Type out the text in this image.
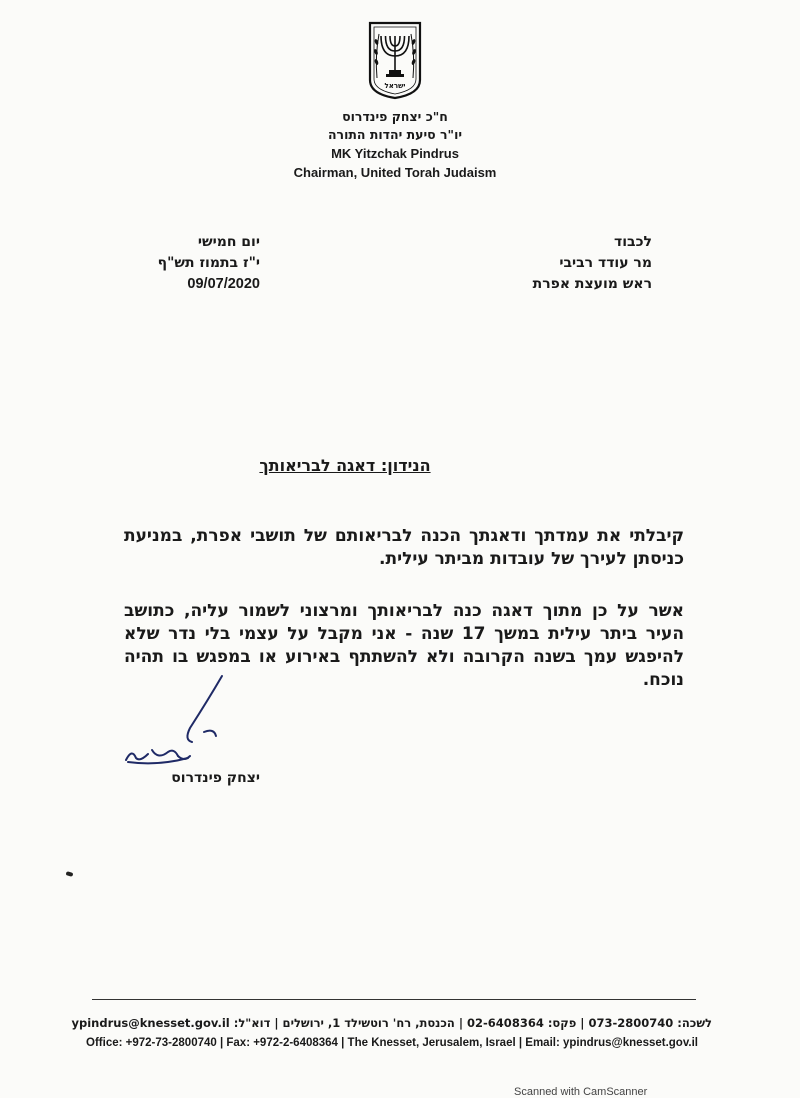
ישראל
ח"כ יצחק פינדרוס
יו"ר סיעת יהדות התורה
MK Yitzchak Pindrus
Chairman, United Torah Judaism
יום חמישי
י"ז בתמוז תש"ף
09/07/2020
לכבוד
מר עודד רביבי
ראש מועצת אפרת
הנידון: דאגה לבריאותך
קיבלתי את עמדתך ודאגתך הכנה לבריאותם של תושבי אפרת, במניעת כניסתן לעירך של עובדות מביתר עילית.
אשר על כן מתוך דאגה כנה לבריאותך ומרצוני לשמור עליה, כתושב העיר ביתר עילית במשך 17 שנה - אני מקבל על עצמי בלי נדר שלא להיפגש עמך בשנה הקרובה ולא להשתתף באירוע או במפגש בו תהיה נוכח.
יצחק פינדרוס
לשכה: 073-2800740 | פקס: 02-6408364 | הכנסת, רח' רוטשילד 1, ירושלים | דוא"ל: ypindrus@knesset.gov.il
Office: +972-73-2800740 | Fax: +972-2-6408364 | The Knesset, Jerusalem, Israel | Email: ypindrus@knesset.gov.il
Scanned with CamScanner
